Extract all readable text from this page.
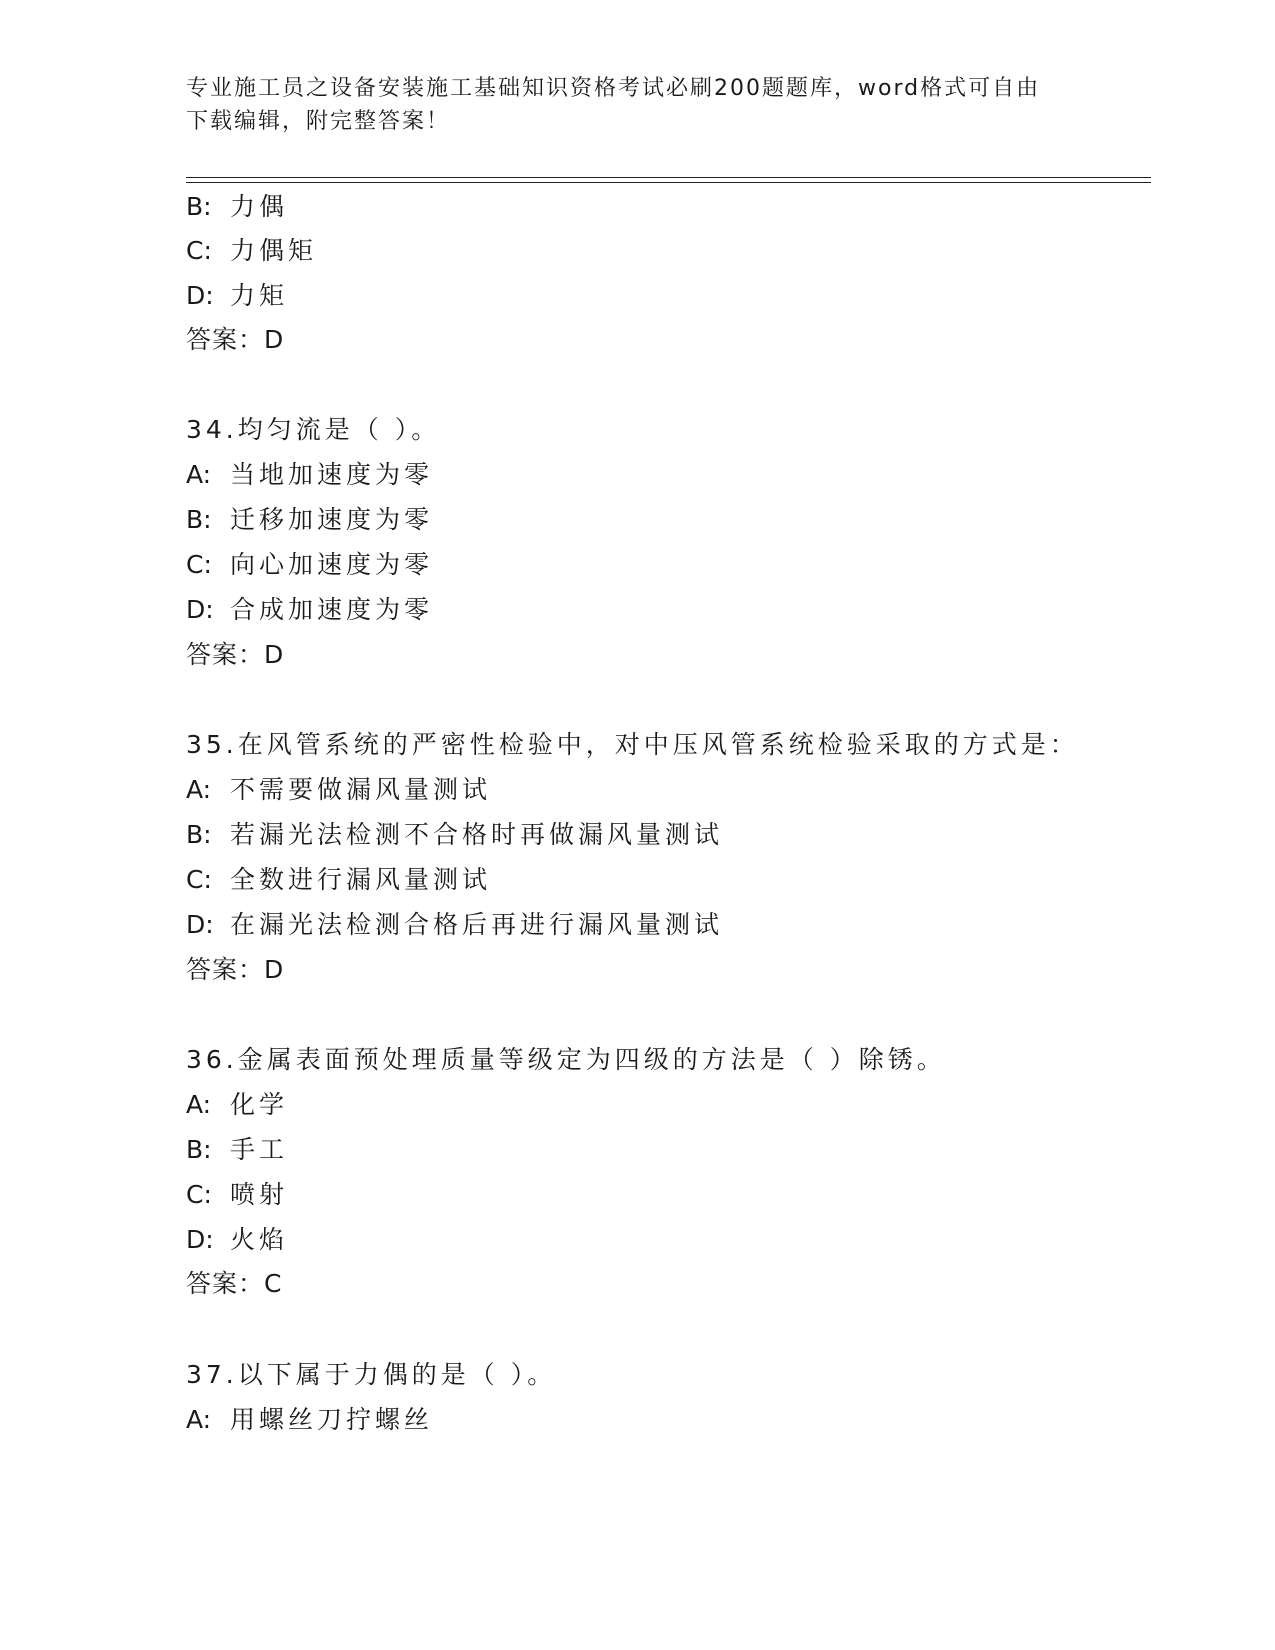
专业施工员之设备安装施工基础知识资格考试必刷200题题库，word格式可自由
下载编辑，附完整答案！
B: 力偶
C: 力偶矩
D: 力矩
答案：D
34.均匀流是（ ）。
A: 当地加速度为零
B: 迁移加速度为零
C: 向心加速度为零
D: 合成加速度为零
答案：D
35.在风管系统的严密性检验中，对中压风管系统检验采取的方式是：
A: 不需要做漏风量测试
B: 若漏光法检测不合格时再做漏风量测试
C: 全数进行漏风量测试
D: 在漏光法检测合格后再进行漏风量测试
答案：D
36.金属表面预处理质量等级定为四级的方法是（ ）除锈。
A: 化学
B: 手工
C: 喷射
D: 火焰
答案：C
37.以下属于力偶的是（ ）。
A: 用螺丝刀拧螺丝
